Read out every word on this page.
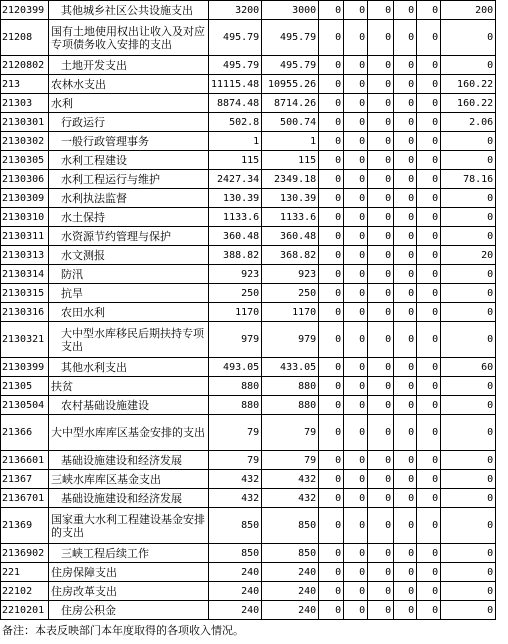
2120399	其他城乡社区公共设施支出	3200	3000	0	0	0	0	0	200
21208	国有土地使用权出让收入及对应专项债务收入安排的支出	495.79	495.79	0	0	0	0	0	0
2120802	土地开发支出	495.79	495.79	0	0	0	0	0	0
213	农林水支出	11115.48	10955.26	0	0	0	0	0	160.22
21303	水利	8874.48	8714.26	0	0	0	0	0	160.22
2130301	行政运行	502.8	500.74	0	0	0	0	0	2.06
2130302	一般行政管理事务	1	1	0	0	0	0	0	0
2130305	水利工程建设	115	115	0	0	0	0	0	0
2130306	水利工程运行与维护	2427.34	2349.18	0	0	0	0	0	78.16
2130309	水利执法监督	130.39	130.39	0	0	0	0	0	0
2130310	水土保持	1133.6	1133.6	0	0	0	0	0	0
2130311	水资源节约管理与保护	360.48	360.48	0	0	0	0	0	0
2130313	水文测报	388.82	368.82	0	0	0	0	0	20
2130314	防汛	923	923	0	0	0	0	0	0
2130315	抗旱	250	250	0	0	0	0	0	0
2130316	农田水利	1170	1170	0	0	0	0	0	0
2130321	大中型水库移民后期扶持专项支出	979	979	0	0	0	0	0	0
2130399	其他水利支出	493.05	433.05	0	0	0	0	0	60
21305	扶贫	880	880	0	0	0	0	0	0
2130504	农村基础设施建设	880	880	0	0	0	0	0	0
21366	大中型水库库区基金安排的支出	79	79	0	0	0	0	0	0
2136601	基础设施建设和经济发展	79	79	0	0	0	0	0	0
21367	三峡水库库区基金支出	432	432	0	0	0	0	0	0
2136701	基础设施建设和经济发展	432	432	0	0	0	0	0	0
21369	国家重大水利工程建设基金安排的支出	850	850	0	0	0	0	0	0
2136902	三峡工程后续工作	850	850	0	0	0	0	0	0
221	住房保障支出	240	240	0	0	0	0	0	0
22102	住房改革支出	240	240	0	0	0	0	0	0
2210201	住房公积金	240	240	0	0	0	0	0	0
备注：本表反映部门本年度取得的各项收入情况。
